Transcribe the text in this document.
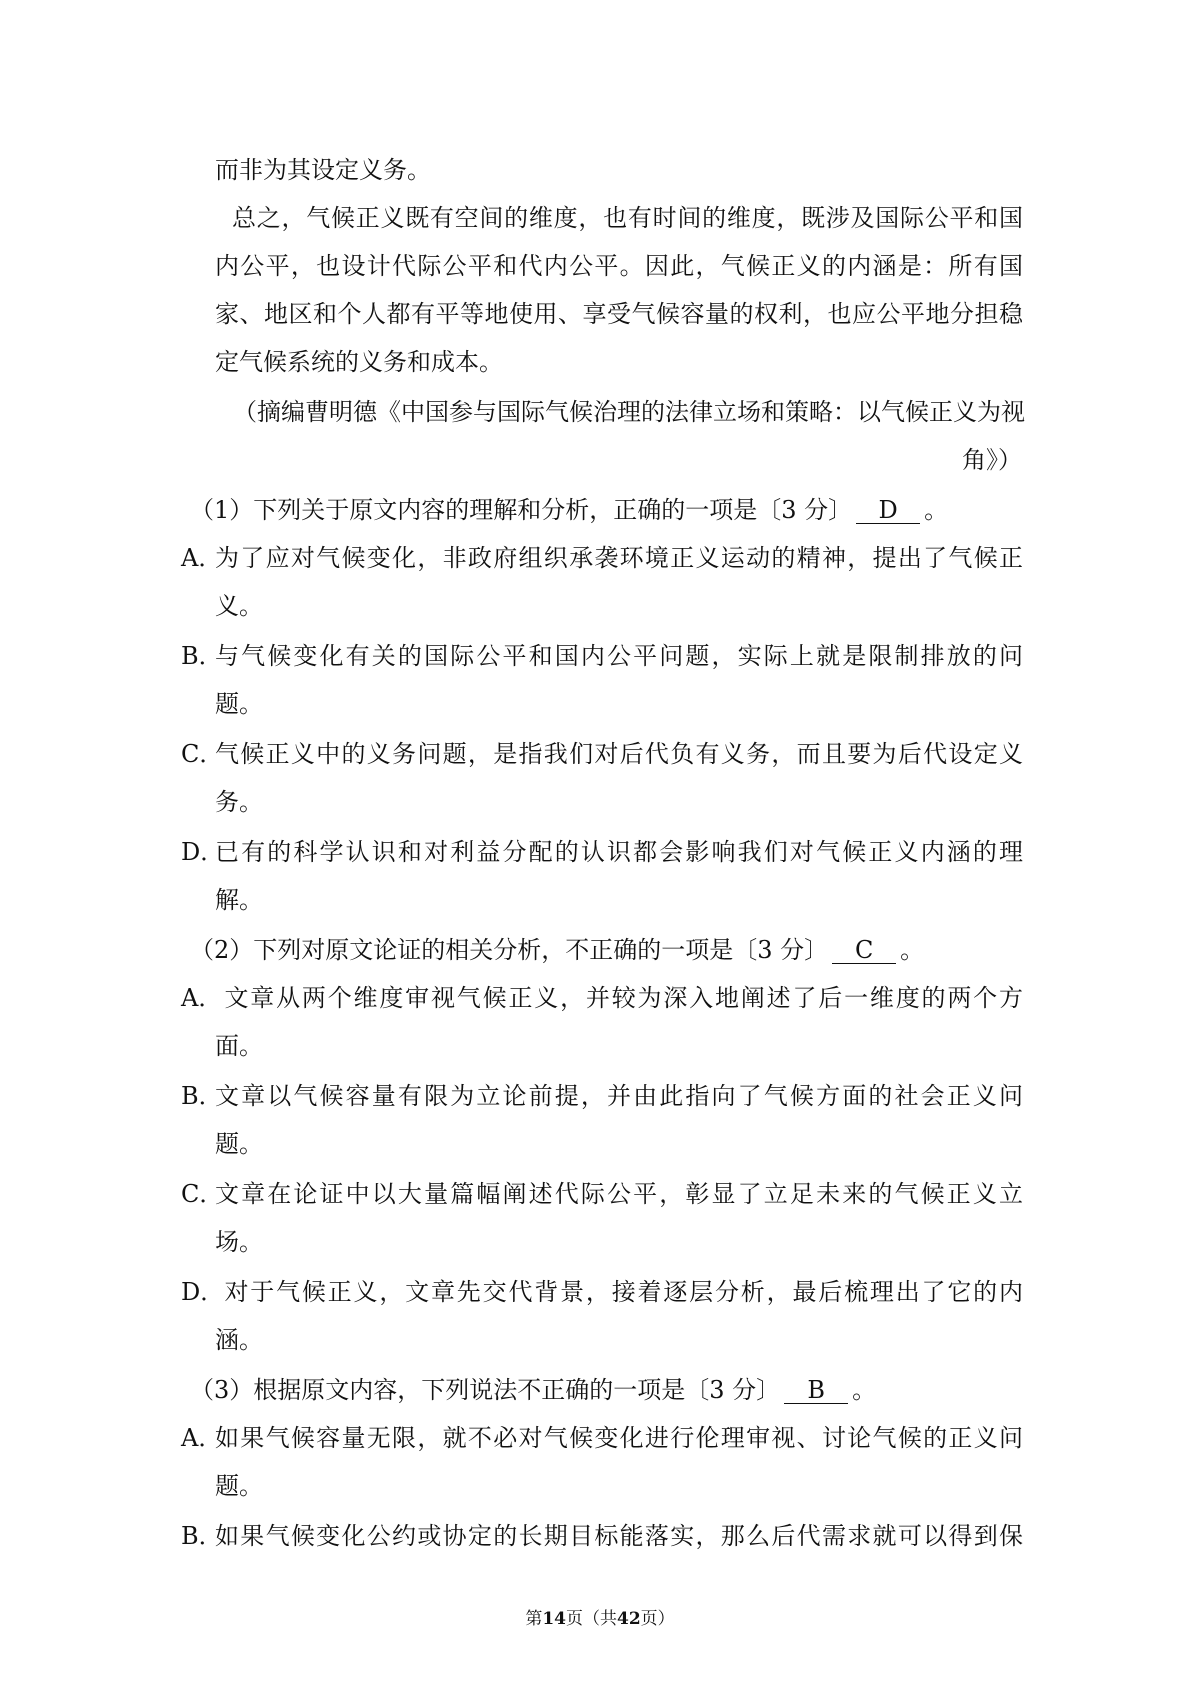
而非为其设定义务。
总之，气候正义既有空间的维度，也有时间的维度，既涉及国际公平和国
内公平，也设计代际公平和代内公平。因此，气候正义的内涵是：所有国
家、地区和个人都有平等地使用、享受气候容量的权利，也应公平地分担稳
定气候系统的义务和成本。
（摘编曹明德《中国参与国际气候治理的法律立场和策略：以气候正义为视
角》）
（1）下列关于原文内容的理解和分析，正确的一项是〔3 分〕 D 。
A．为了应对气候变化，非政府组织承袭环境正义运动的精神，提出了气候正
义。
B．与气候变化有关的国际公平和国内公平问题，实际上就是限制排放的问
题。
C．气候正义中的义务问题，是指我们对后代负有义务，而且要为后代设定义
务。
D．已有的科学认识和对利益分配的认识都会影响我们对气候正义内涵的理
解。
（2）下列对原文论证的相关分析，不正确的一项是〔3 分〕 C 。
A． 文章从两个维度审视气候正义，并较为深入地阐述了后一维度的两个方
面。
B．文章以气候容量有限为立论前提，并由此指向了气候方面的社会正义问
题。
C．文章在论证中以大量篇幅阐述代际公平，彰显了立足未来的气候正义立
场。
D． 对于气候正义，文章先交代背景，接着逐层分析，最后梳理出了它的内
涵。
（3）根据原文内容，下列说法不正确的一项是〔3 分〕 B 。
A．如果气候容量无限，就不必对气候变化进行伦理审视、讨论气候的正义问
题。
B．如果气候变化公约或协定的长期目标能落实，那么后代需求就可以得到保
第14页（共42页）
